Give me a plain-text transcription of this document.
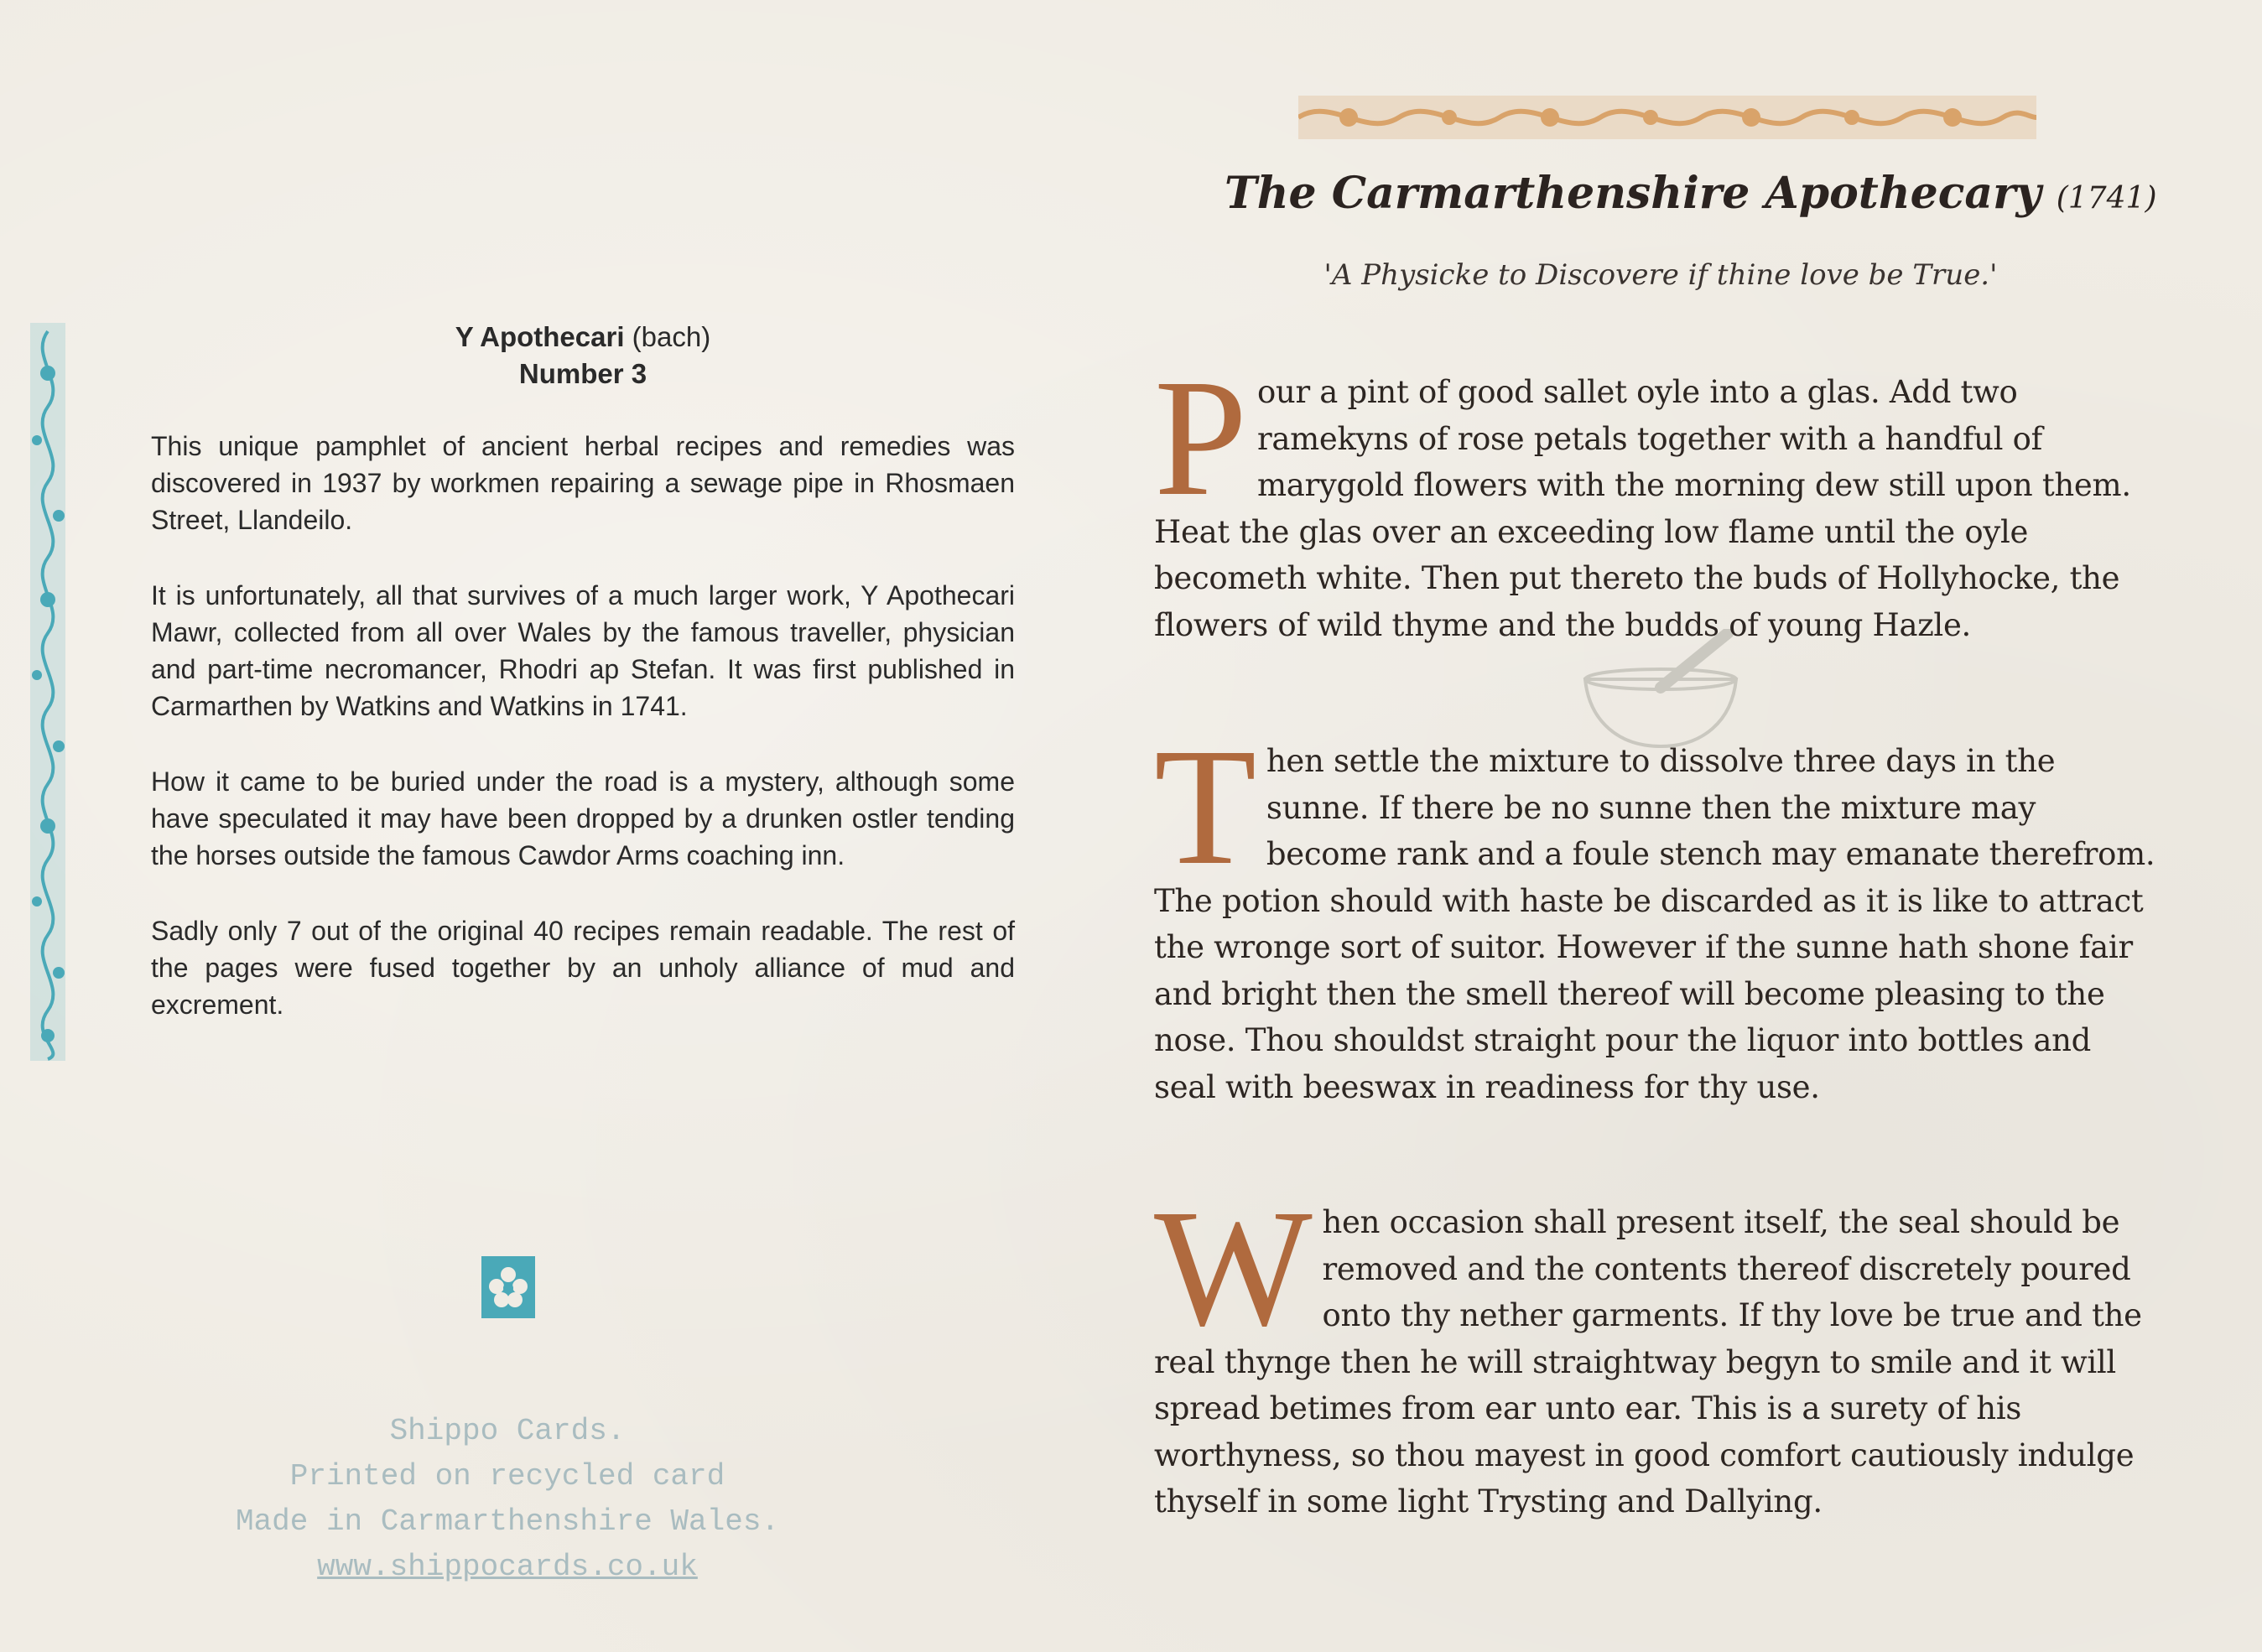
Y Apothecari (bach)

Number 3

This unique pamphlet of ancient herbal recipes and remedies was discovered in 1937 by workmen repairing a sewage pipe in Rhosmaen Street, Llandeilo.

It is unfortunately, all that survives of a much larger work, Y Apothecari Mawr, collected from all over Wales by the famous traveller, physician and part-time necromancer, Rhodri ap Stefan. It was first published in Carmarthen by Watkins and Watkins in 1741.

How it came to be buried under the road is a mystery, although some have speculated it may have been dropped by a drunken ostler tending the horses outside the famous Cawdor Arms coaching inn.

Sadly only 7 out of the original 40 recipes remain readable. The rest of the pages were fused together by an unholy alliance of mud and excrement.

Shippo Cards.
Printed on recycled card
Made in Carmarthenshire Wales.
www.shippocards.co.uk
The Carmarthenshire Apothecary (1741)
'A Physicke to Discovere if thine love be True.'
Pour a pint of good sallet oyle into a glas. Add two ramekyns of rose petals together with a handful of marygold flowers with the morning dew still upon them. Heat the glas over an exceeding low flame until the oyle becometh white. Then put thereto the buds of Hollyhocke, the flowers of wild thyme and the budds of young Hazle.
Then settle the mixture to dissolve three days in the sunne. If there be no sunne then the mixture may become rank and a foule stench may emanate therefrom. The potion should with haste be discarded as it is like to attract the wronge sort of suitor. However if the sunne hath shone fair and bright then the smell thereof will become pleasing to the nose. Thou shouldst straight pour the liquor into bottles and seal with beeswax in readiness for thy use.
When occasion shall present itself, the seal should be removed and the contents thereof discretely poured onto thy nether garments. If thy love be true and the real thynge then he will straightway begyn to smile and it will spread betimes from ear unto ear. This is a surety of his worthyness, so thou mayest in good comfort cautiously indulge thyself in some light Trysting and Dallying.
